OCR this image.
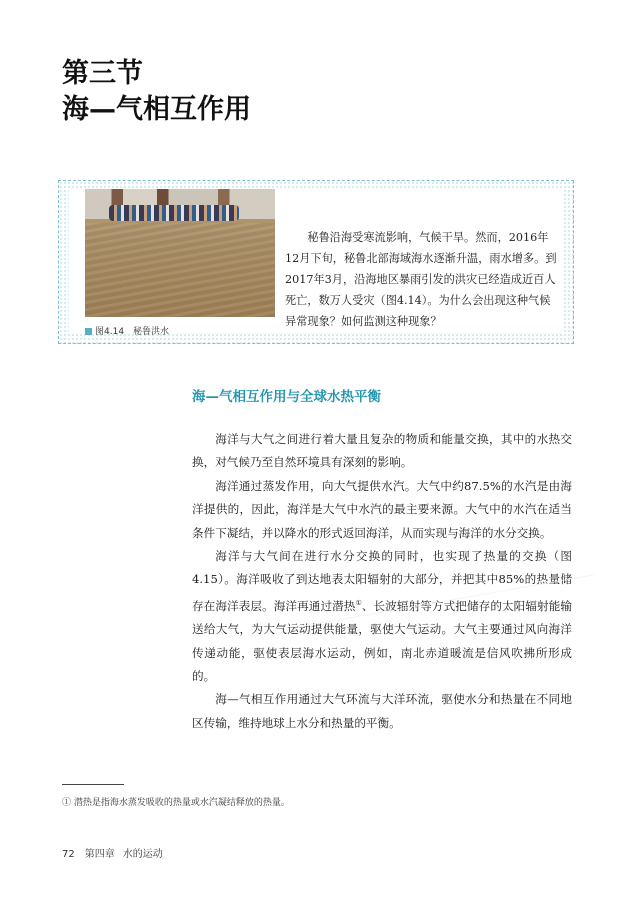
第三节
海—气相互作用
图4.14　秘鲁洪水
秘鲁沿海受寒流影响，气候干旱。然而，2016年12月下旬，秘鲁北部海域海水逐渐升温，雨水增多。到2017年3月，沿海地区暴雨引发的洪灾已经造成近百人死亡，数万人受灾（图4.14）。为什么会出现这种气候异常现象？如何监测这种现象？
海—气相互作用与全球水热平衡

海洋与大气之间进行着大量且复杂的物质和能量交换，其中的水热交换，对气候乃至自然环境具有深刻的影响。

海洋通过蒸发作用，向大气提供水汽。大气中约87.5%的水汽是由海洋提供的，因此，海洋是大气中水汽的最主要来源。大气中的水汽在适当条件下凝结，并以降水的形式返回海洋，从而实现与海洋的水分交换。

海洋与大气间在进行水分交换的同时，也实现了热量的交换（图4.15）。海洋吸收了到达地表太阳辐射的大部分，并把其中85%的热量储存在海洋表层。海洋再通过潜热①、长波辐射等方式把储存的太阳辐射能输送给大气，为大气运动提供能量，驱使大气运动。大气主要通过风向海洋传递动能，驱使表层海水运动，例如，南北赤道暖流是信风吹拂所形成的。

海—气相互作用通过大气环流与大洋环流，驱使水分和热量在不同地区传输，维持地球上水分和热量的平衡。

① 潜热是指海水蒸发吸收的热量或水汽凝结释放的热量。
72 第四章 水的运动
